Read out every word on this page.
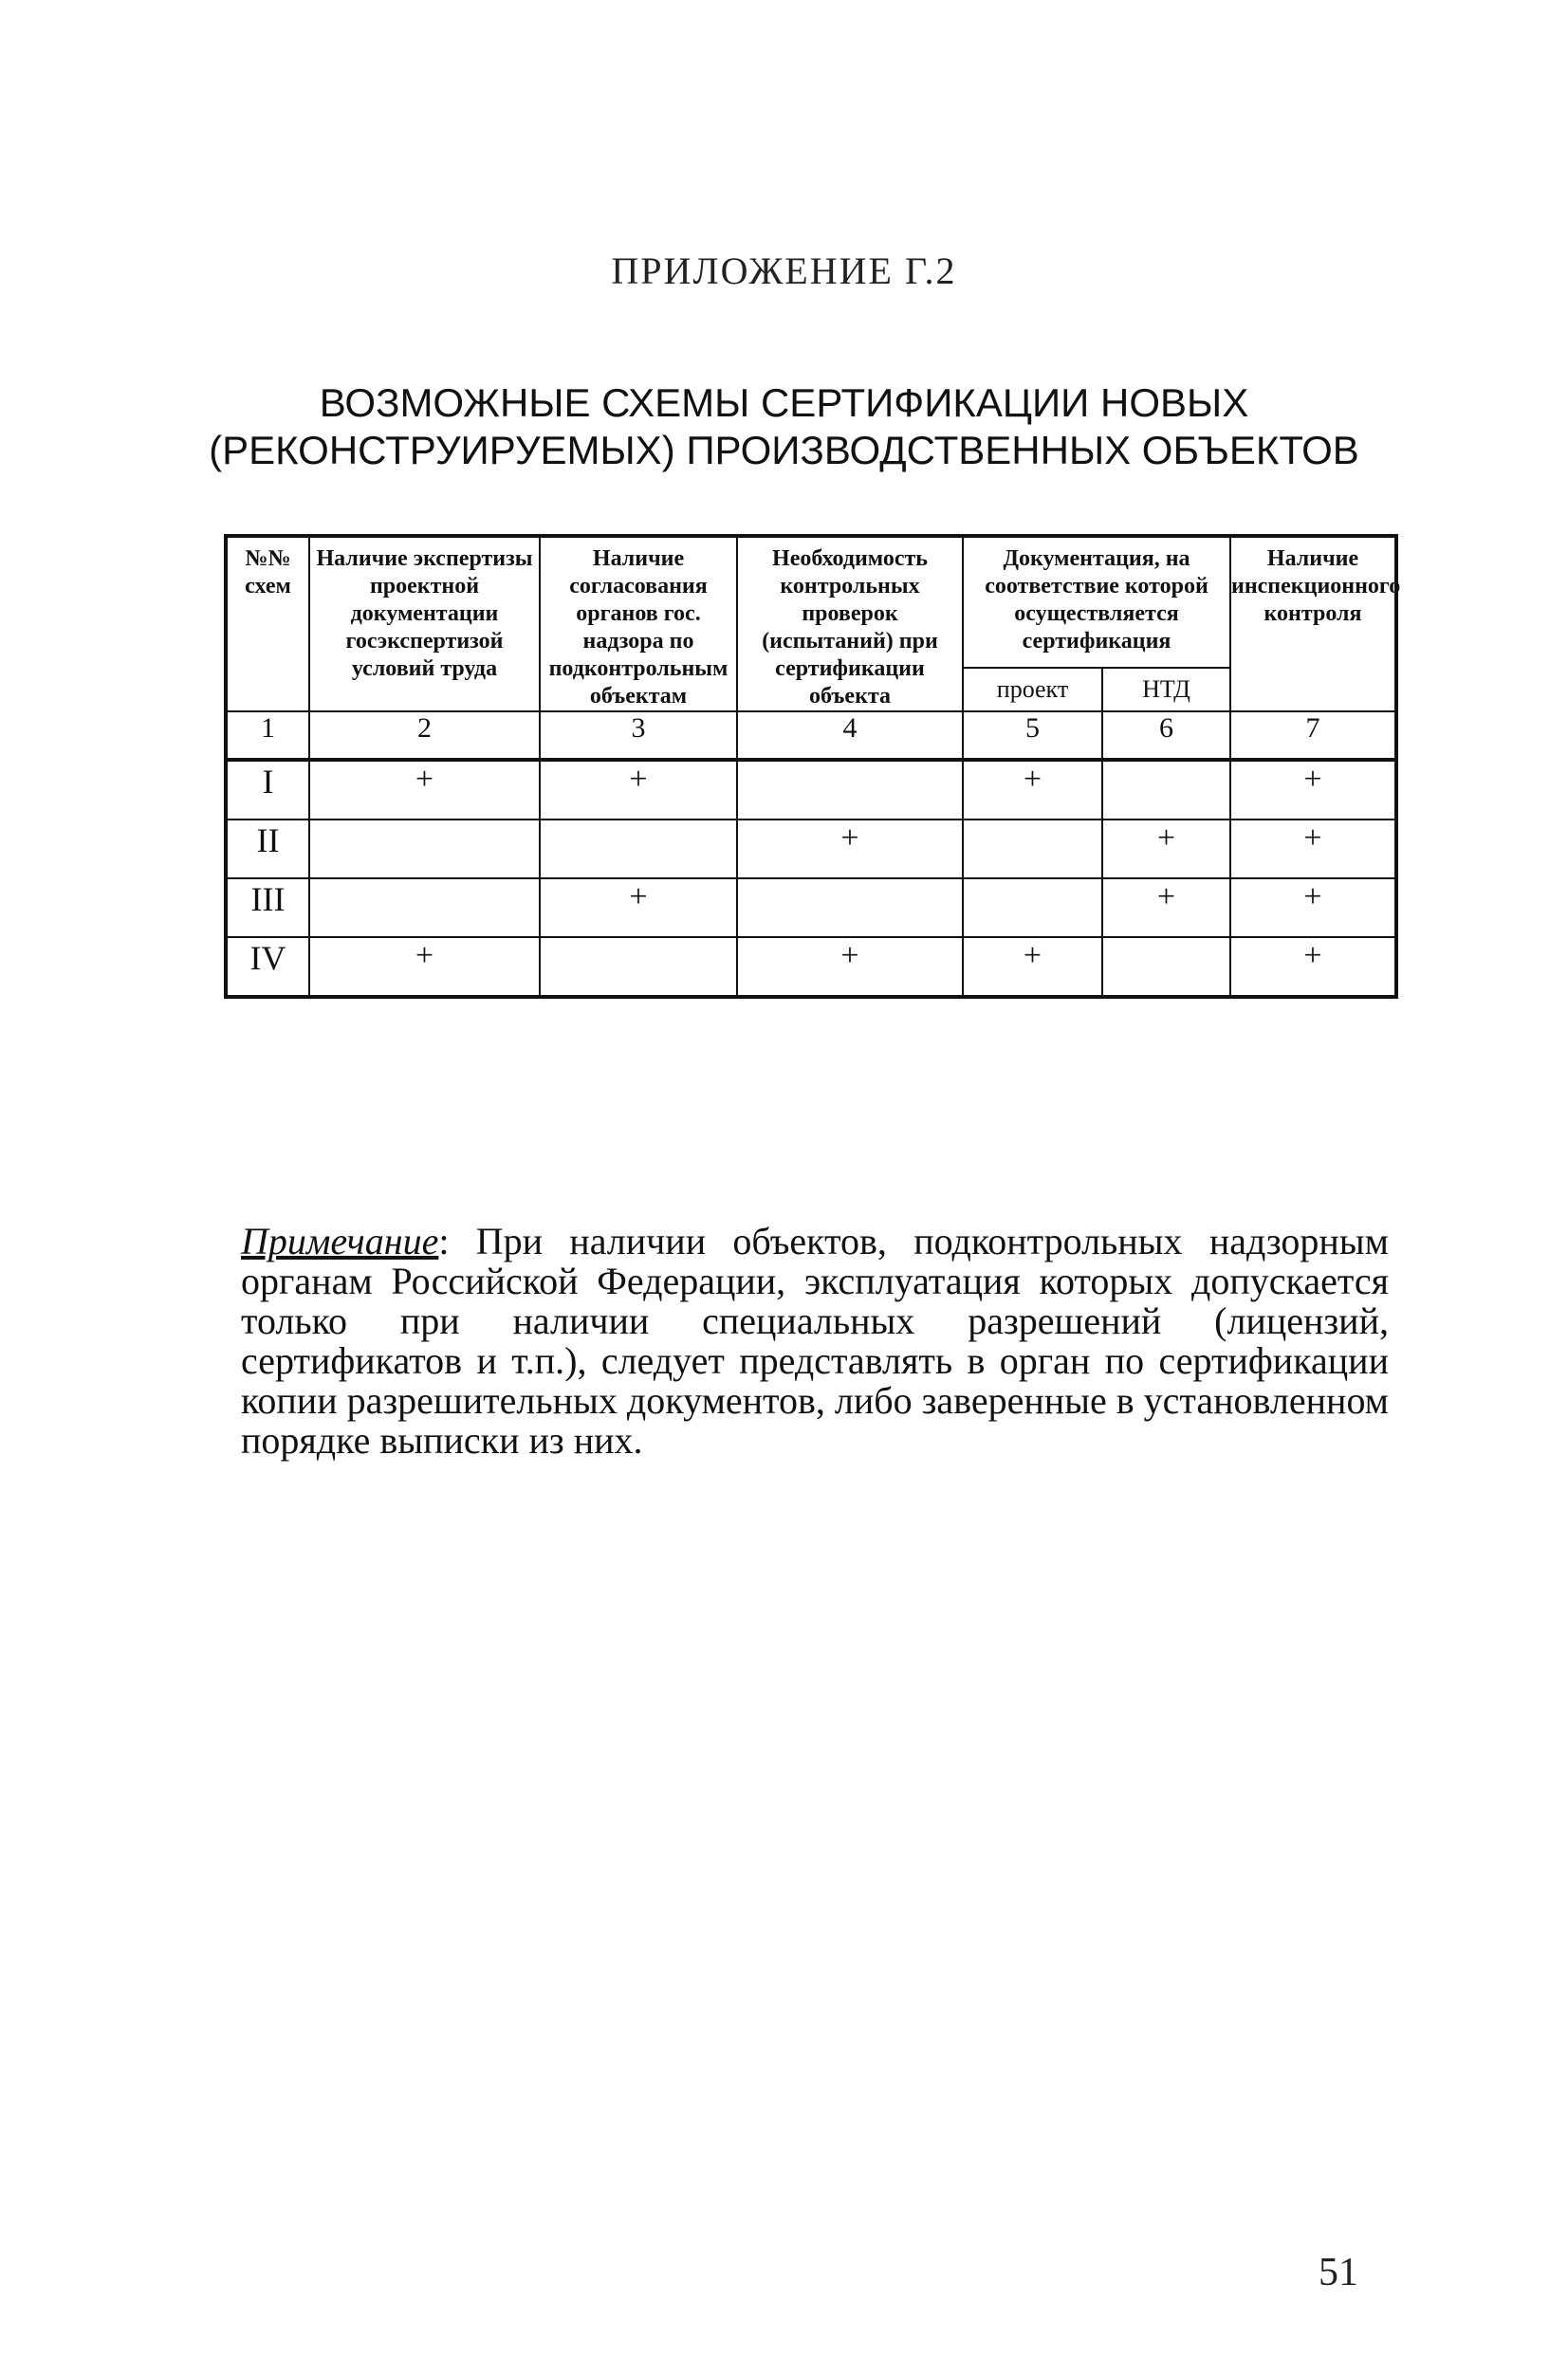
ПРИЛОЖЕНИЕ Г.2
ВОЗМОЖНЫЕ СХЕМЫ СЕРТИФИКАЦИИ НОВЫХ
(РЕКОНСТРУИРУЕМЫХ) ПРОИЗВОДСТВЕННЫХ ОБЪЕКТОВ
№№ схем	Наличие экспертизы проектной документации госэкспертизой условий труда	Наличие согласования органов гос. надзора по подконтрольным объектам	Необходимость контрольных проверок (испытаний) при сертификации объекта	Документация, на соответствие которой осуществляется сертификация		Наличие инспекционного контроля
				проект	НТД	
1	2	3	4	5	6	7
I	+	+		+		+
II			+		+	+
III		+			+	+
IV	+		+	+		+
Примечание: При наличии объектов, подконтрольных надзорным органам Российской Федерации, эксплуатация которых допускается только при наличии специальных разрешений (лицензий, сертификатов и т.п.), следует представлять в орган по сертификации копии разрешительных документов, либо заверенные в установленном порядке выписки из них.
51
